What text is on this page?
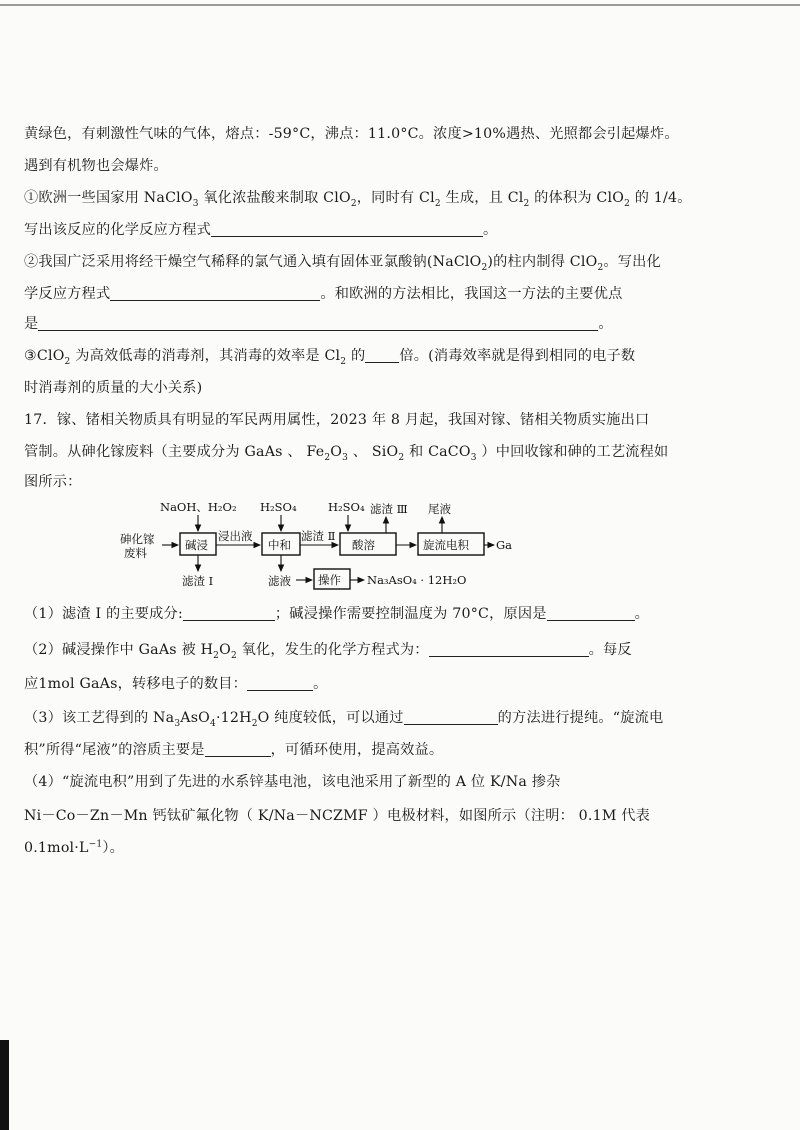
黄绿色，有刺激性气味的气体，熔点：-59°C，沸点：11.0°C。浓度>10%遇热、光照都会引起爆炸。
遇到有机物也会爆炸。
①欧洲一些国家用 NaClO$_3$ 氧化浓盐酸来制取 ClO$_2$，同时有 $Cl_2$ 生成，且 $Cl_2$ 的体积为 ClO$_2$ 的 1/4。
写出该反应的化学反应方程式	。
②我国广泛采用将经干燥空气稀释的氯气通入填有固体亚氯酸钠(NaClO$_2$)的柱内制得 ClO$_2$。写出化
学反应方程式	。和欧洲的方法相比，我国这一方法的主要优点
是	。
③ClO$_2$ 为高效低毒的消毒剂，其消毒的效率是 $Cl_2$ 的 倍。(消毒效率就是得到相同的电子数
时消毒剂的质量的大小关系)
17．镓、锗相关物质具有明显的军民两用属性，2023 年 8 月起，我国对镓、锗相关物质实施出口
管制。从砷化镓废料（主要成分为 GaAs 、 $Fe_2O_3$ 、 SiO$_2$ 和 CaCO$_3$ ）中回收镓和砷的工艺流程如
图所示：
砷化镓
废料
碱浸
NaOH、H₂O₂
滤渣 Ⅰ
浸出液
中和
H₂SO₄
滤液
滤渣 Ⅱ
酸溶
H₂SO₄ 滤渣 Ⅲ
旋流电积
尾液
Ga
操作 Na₃AsO₄ · 12H₂O
（1）滤渣 Ⅰ 的主要成分:	；碱浸操作需要控制温度为 70°C，原因是	。
（2）碱浸操作中 GaAs 被 $H_2O_2$ 氧化，发生的化学方程式为：	。每反
应1mol GaAs，转移电子的数目：	。
（3）该工艺得到的 $Na_3AsO_4\cdot 12H_2O$ 纯度较低，可以通过	的方法进行提纯。“旋流电
积”所得“尾液”的溶质主要是	，可循环使用，提高效益。
（4）“旋流电积”用到了先进的水系锌基电池，该电池采用了新型的 A 位 K/Na 掺杂
Ni－Co－Zn－Mn 钙钛矿氟化物（ K/Na－NCZMF ）电极材料，如图所示（注明： 0.1M 代表
$0.1mol\cdot L^{-1}$）。
